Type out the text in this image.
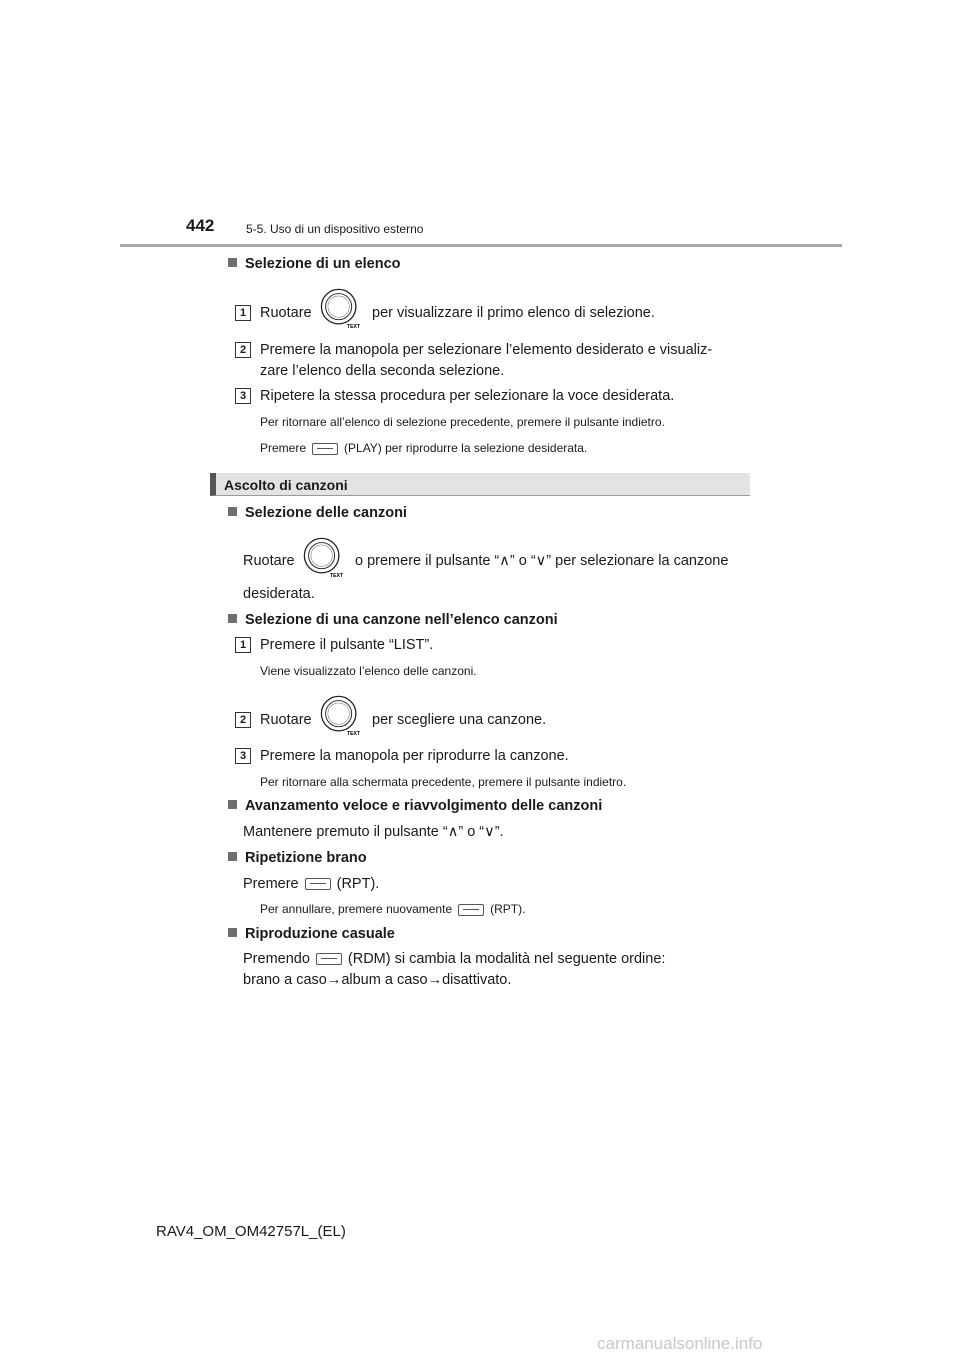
442	5-5. Uso di un dispositivo esterno
Selezione di un elenco
1 Ruotare
TEXT
per visualizzare il primo elenco di selezione.
2 Premere la manopola per selezionare l’elemento desiderato e visualiz-
zare l’elenco della seconda selezione.
3 Ripetere la stessa procedura per selezionare la voce desiderata.
Per ritornare all’elenco di selezione precedente, premere il pulsante indietro.
Premere	(PLAY) per riprodurre la selezione desiderata.
Ascolto di canzoni
Selezione delle canzoni
Ruotare
TEXT
o premere il pulsante “∧” o “∨” per selezionare la canzone
desiderata.
Selezione di una canzone nell’elenco canzoni
1 Premere il pulsante “LIST”.
Viene visualizzato l’elenco delle canzoni.
2 Ruotare
TEXT
per scegliere una canzone.
3 Premere la manopola per riprodurre la canzone.
Per ritornare alla schermata precedente, premere il pulsante indietro.
Avanzamento veloce e riavvolgimento delle canzoni
Mantenere premuto il pulsante “∧” o “∨”.
Ripetizione brano
Premere	(RPT).
Per annullare, premere nuovamente	(RPT).
Riproduzione casuale
Premendo	(RDM) si cambia la modalità nel seguente ordine:
brano a caso→album a caso→disattivato.
RAV4_OM_OM42757L_(EL)
carmanualsonline.info
